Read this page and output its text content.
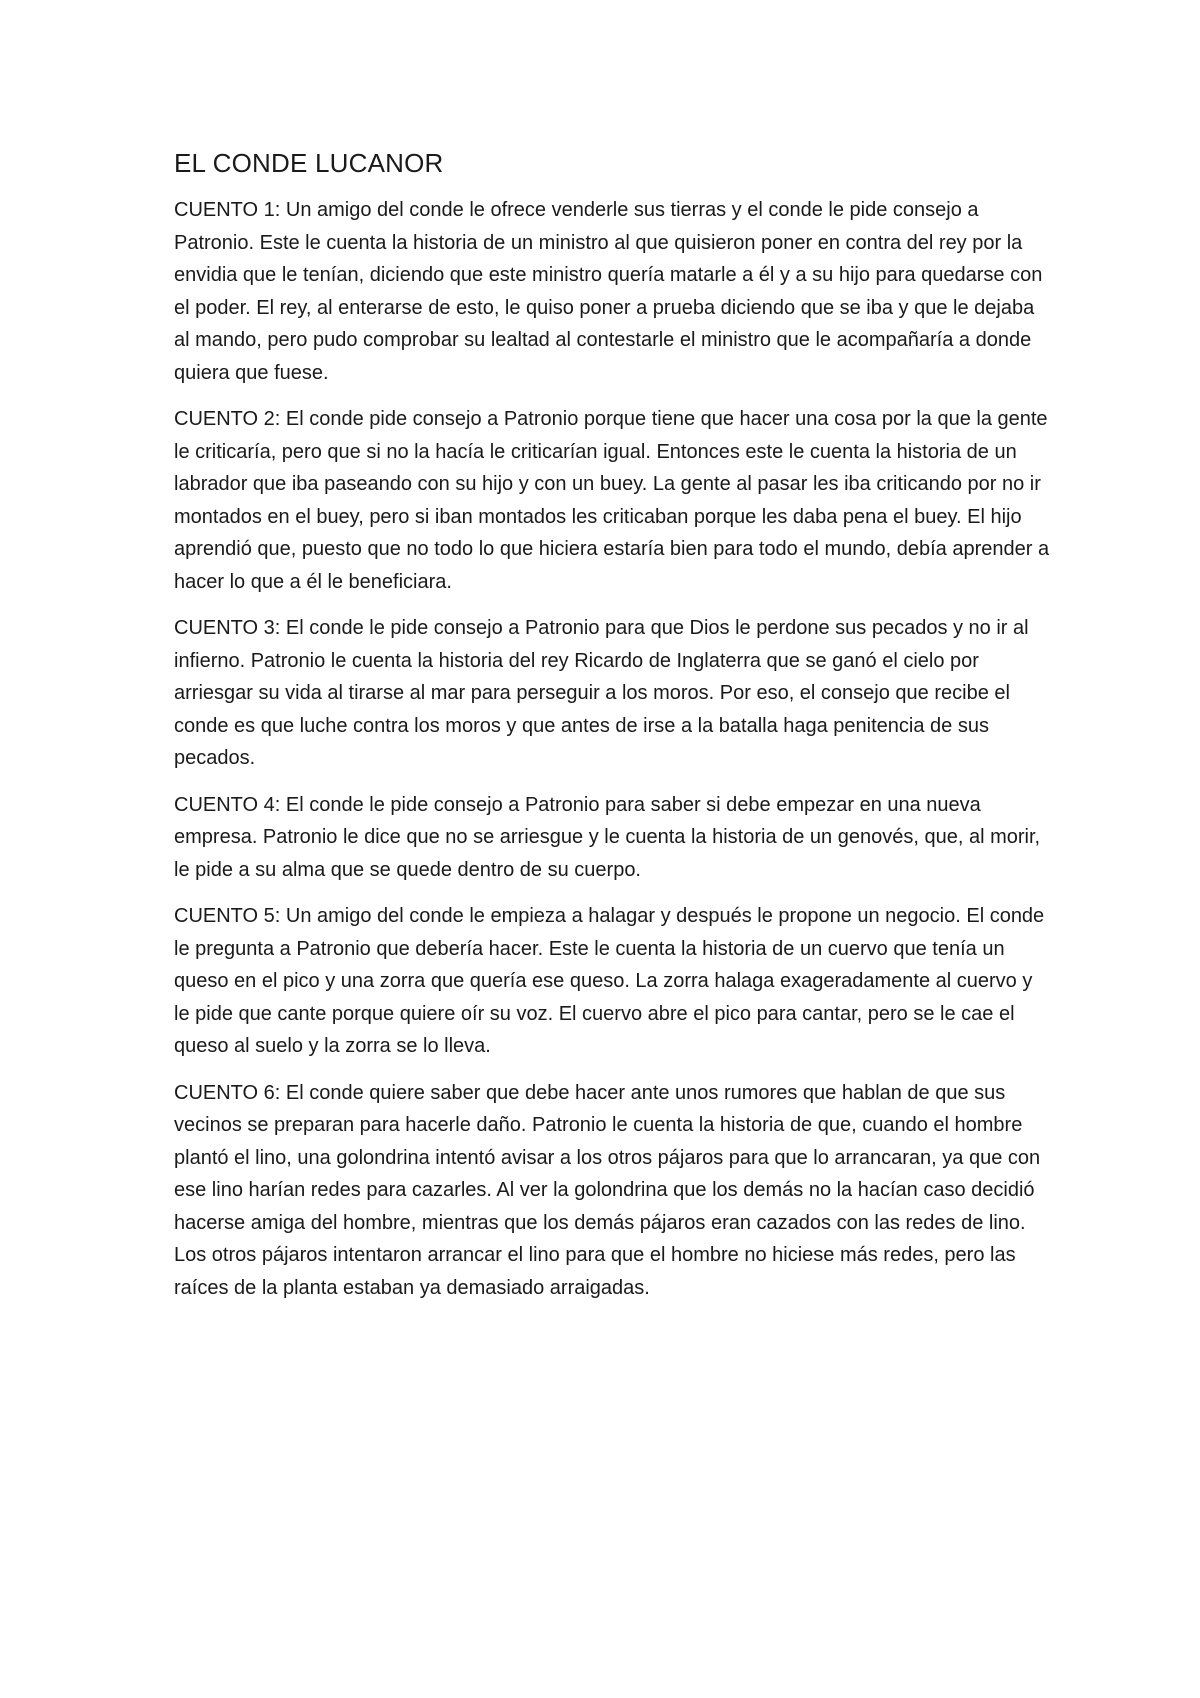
EL CONDE LUCANOR

CUENTO 1: Un amigo del conde le ofrece venderle sus tierras y el conde le pide consejo a Patronio. Este le cuenta la historia de un ministro al que quisieron poner en contra del rey por la envidia que le tenían, diciendo que este ministro quería matarle a él y a su hijo para quedarse con el poder. El rey, al enterarse de esto, le quiso poner a prueba diciendo que se iba y que le dejaba al mando, pero pudo comprobar su lealtad al contestarle el ministro que le acompañaría a donde quiera que fuese.

CUENTO 2: El conde pide consejo a Patronio porque tiene que hacer una cosa por la que la gente le criticaría, pero que si no la hacía le criticarían igual. Entonces este le cuenta la historia de un labrador que iba paseando con su hijo y con un buey. La gente al pasar les iba criticando por no ir montados en el buey, pero si iban montados les criticaban porque les daba pena el buey. El hijo aprendió que, puesto que no todo lo que hiciera estaría bien para todo el mundo, debía aprender a hacer lo que a él le beneficiara.

CUENTO 3: El conde le pide consejo a Patronio para que Dios le perdone sus pecados y no ir al infierno. Patronio le cuenta la historia del rey Ricardo de Inglaterra que se ganó el cielo por arriesgar su vida al tirarse al mar para perseguir a los moros. Por eso, el consejo que recibe el conde es que luche contra los moros y que antes de irse a la batalla haga penitencia de sus pecados.

CUENTO 4: El conde le pide consejo a Patronio para saber si debe empezar en una nueva empresa. Patronio le dice que no se arriesgue y le cuenta la historia de un genovés, que, al morir, le pide a su alma que se quede dentro de su cuerpo.

CUENTO 5: Un amigo del conde le empieza a halagar y después le propone un negocio. El conde le pregunta a Patronio que debería hacer. Este le cuenta la historia de un cuervo que tenía un queso en el pico y una zorra que quería ese queso. La zorra halaga exageradamente al cuervo y le pide que cante porque quiere oír su voz. El cuervo abre el pico para cantar, pero se le cae el queso al suelo y la zorra se lo lleva.

CUENTO 6: El conde quiere saber que debe hacer ante unos rumores que hablan de que sus vecinos se preparan para hacerle daño. Patronio le cuenta la historia de que, cuando el hombre plantó el lino, una golondrina intentó avisar a los otros pájaros para que lo arrancaran, ya que con ese lino harían redes para cazarles. Al ver la golondrina que los demás no la hacían caso decidió hacerse amiga del hombre, mientras que los demás pájaros eran cazados con las redes de lino. Los otros pájaros intentaron arrancar el lino para que el hombre no hiciese más redes, pero las raíces de la planta estaban ya demasiado arraigadas.
